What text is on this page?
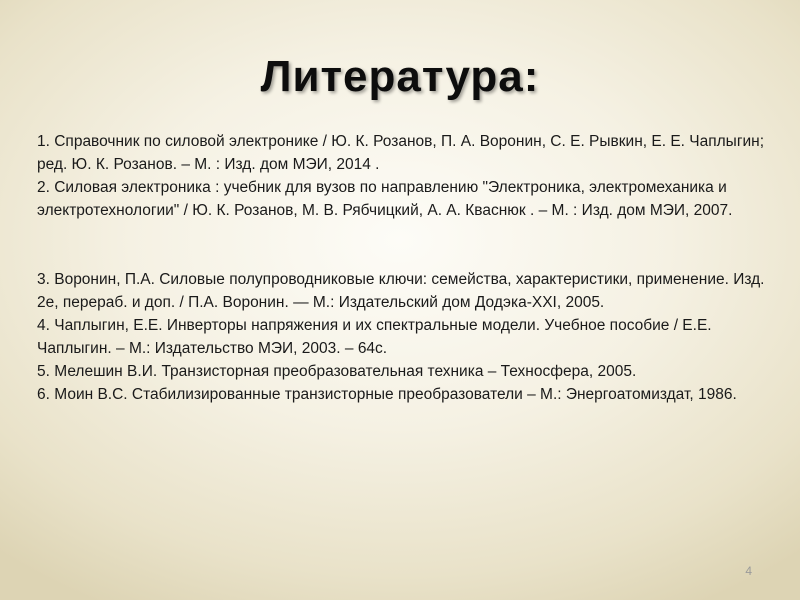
Литература:

1. Справочник по силовой электронике / Ю. К. Розанов, П. А. Воронин, С. Е. Рывкин, Е. Е. Чаплыгин; ред. Ю. К. Розанов. – М. : Изд. дом МЭИ, 2014 .

2. Силовая электроника : учебник для вузов по направлению "Электроника, электромеханика и электротехнологии" / Ю. К. Розанов, М. В. Рябчицкий, А. А. Кваснюк . – М. : Изд. дом МЭИ, 2007.

3. Воронин, П.А. Силовые полупроводниковые ключи: семейства, характеристики, применение. Изд. 2е, перераб. и доп. / П.А. Воронин. — М.: Издательский дом Додэка-XXI, 2005.

4. Чаплыгин, Е.Е. Инверторы напряжения и их спектральные модели. Учебное пособие / Е.Е. Чаплыгин. – М.: Издательство МЭИ, 2003. – 64с.

5. Мелешин В.И. Транзисторная преобразовательная техника – Техносфера, 2005.

6. Моин В.С. Стабилизированные транзисторные преобразователи – М.: Энергоатомиздат, 1986.

4
